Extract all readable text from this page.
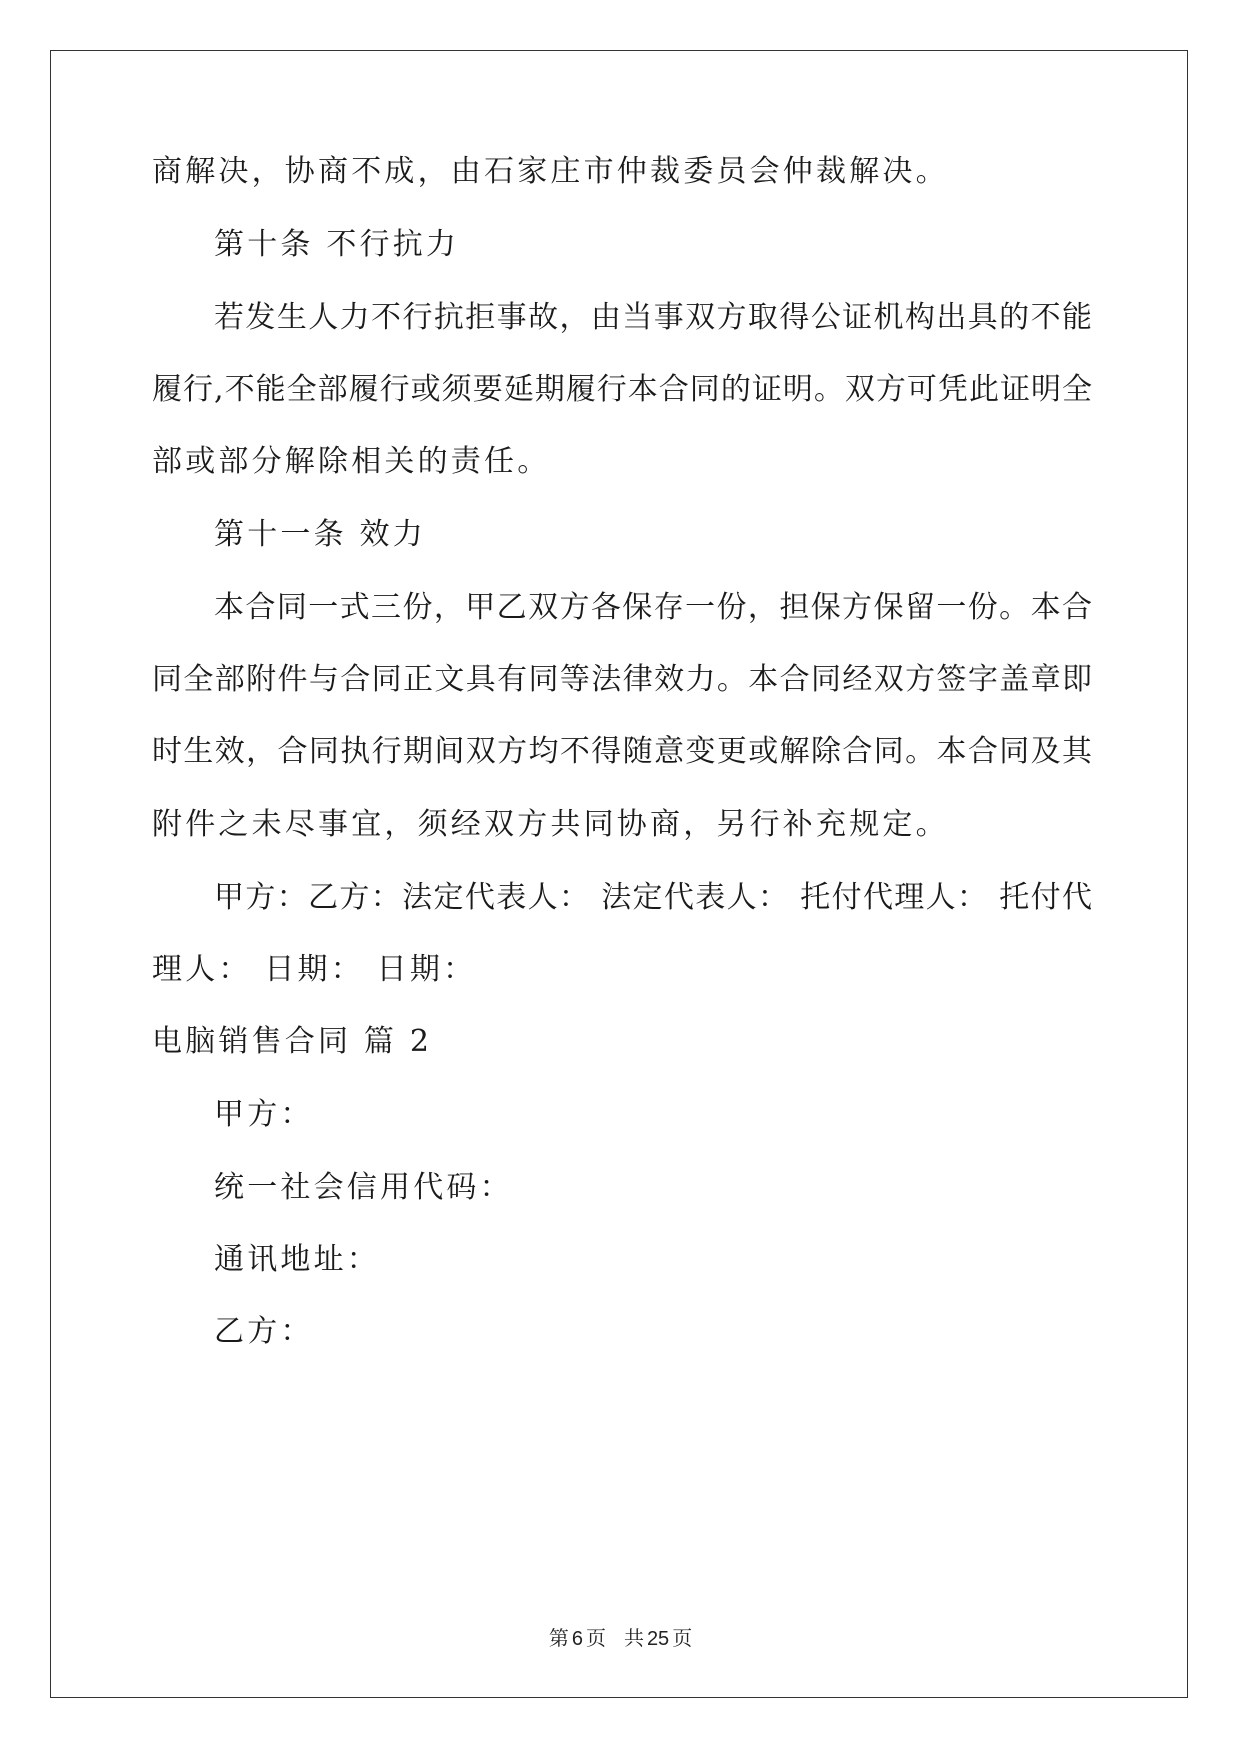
商解决，协商不成，由石家庄市仲裁委员会仲裁解决。
第十条 不行抗力
若发生人力不行抗拒事故，由当事双方取得公证机构出具的不能
履行,不能全部履行或须要延期履行本合同的证明。双方可凭此证明全
部或部分解除相关的责任。
第十一条 效力
本合同一式三份，甲乙双方各保存一份，担保方保留一份。本合
同全部附件与合同正文具有同等法律效力。本合同经双方签字盖章即
时生效，合同执行期间双方均不得随意变更或解除合同。本合同及其
附件之未尽事宜，须经双方共同协商，另行补充规定。
甲方：乙方：法定代表人： 法定代表人： 托付代理人： 托付代
理人： 日期： 日期：
电脑销售合同 篇 2
甲方：
统一社会信用代码：
通讯地址：
乙方：
第 6 页 共 25 页
